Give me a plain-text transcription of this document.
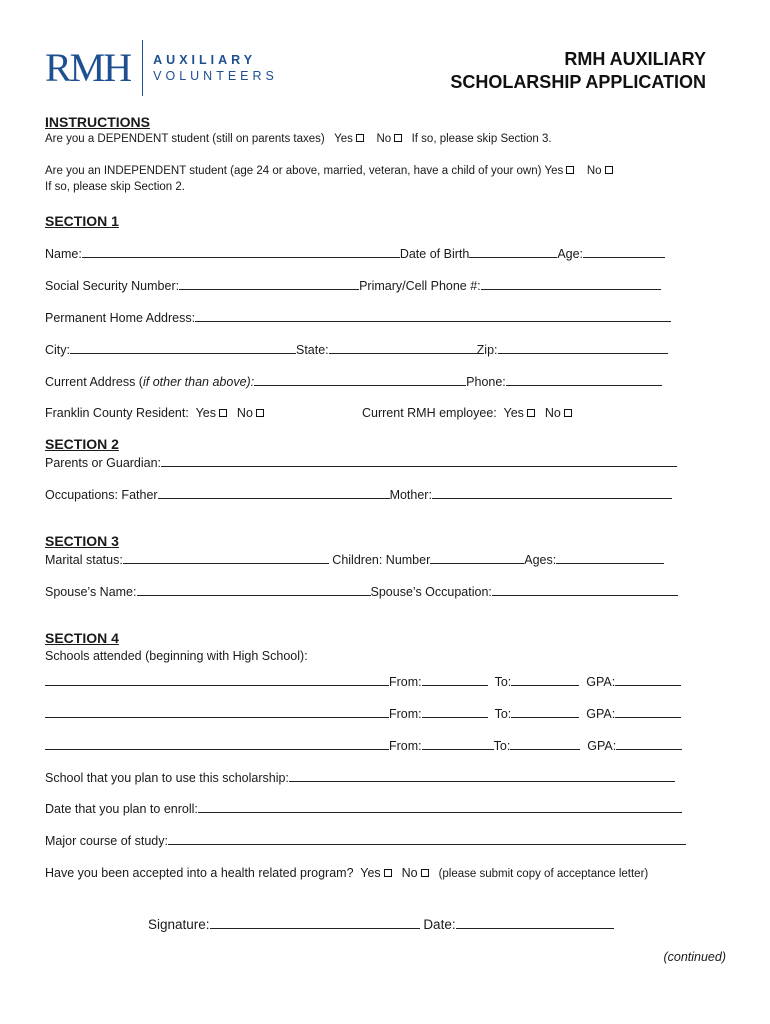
RMH AUXILIARY
VOLUNTEERS
RMH AUXILIARY
SCHOLARSHIP APPLICATION
INSTRUCTIONS
Are you a DEPENDENT student (still on parents taxes) Yes No If so, please skip Section 3.
Are you an INDEPENDENT student (age 24 or above, married, veteran, have a child of your own) Yes No
If so, please skip Section 2.
SECTION 1
Name:	Date of Birth	Age:
Social Security Number:	Primary/Cell Phone #:
Permanent Home Address:
City:	State:	Zip:
Current Address (if other than above):	Phone:
Franklin County Resident: Yes No	Current RMH employee: Yes No
SECTION 2
Parents or Guardian:
Occupations: Father	Mother:
SECTION 3
Marital status:	Children: Number	Ages:
Spouse’s Name:	Spouse’s Occupation:
SECTION 4
Schools attended (beginning with High School):
From:	To:	GPA:
From:	To:	GPA:
From:	To:	GPA:
School that you plan to use this scholarship:
Date that you plan to enroll:
Major course of study:
Have you been accepted into a health related program? Yes No (please submit copy of acceptance letter)
Signature:	Date:
(continued)
